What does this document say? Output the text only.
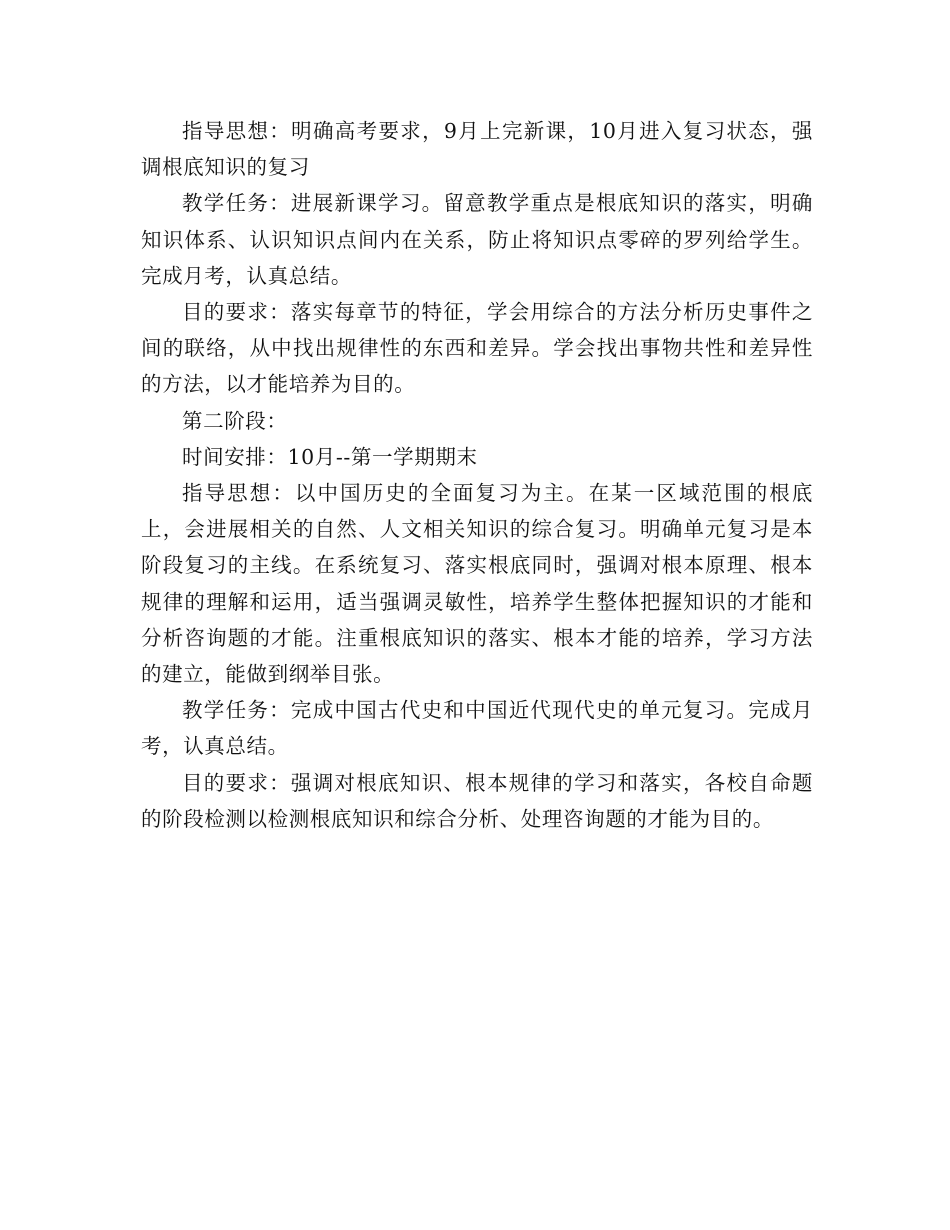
指导思想：明确高考要求，9月上完新课，10月进入复习状态，强调根底知识的复习

教学任务：进展新课学习。留意教学重点是根底知识的落实，明确知识体系、认识知识点间内在关系，防止将知识点零碎的罗列给学生。完成月考，认真总结。

目的要求：落实每章节的特征，学会用综合的方法分析历史事件之间的联络，从中找出规律性的东西和差异。学会找出事物共性和差异性的方法，以才能培养为目的。

第二阶段：

时间安排：10月--第一学期期末

指导思想：以中国历史的全面复习为主。在某一区域范围的根底上，会进展相关的自然、人文相关知识的综合复习。明确单元复习是本阶段复习的主线。在系统复习、落实根底同时，强调对根本原理、根本规律的理解和运用，适当强调灵敏性，培养学生整体把握知识的才能和分析咨询题的才能。注重根底知识的落实、根本才能的培养，学习方法的建立，能做到纲举目张。

教学任务：完成中国古代史和中国近代现代史的单元复习。完成月考，认真总结。

目的要求：强调对根底知识、根本规律的学习和落实，各校自命题的阶段检测以检测根底知识和综合分析、处理咨询题的才能为目的。
